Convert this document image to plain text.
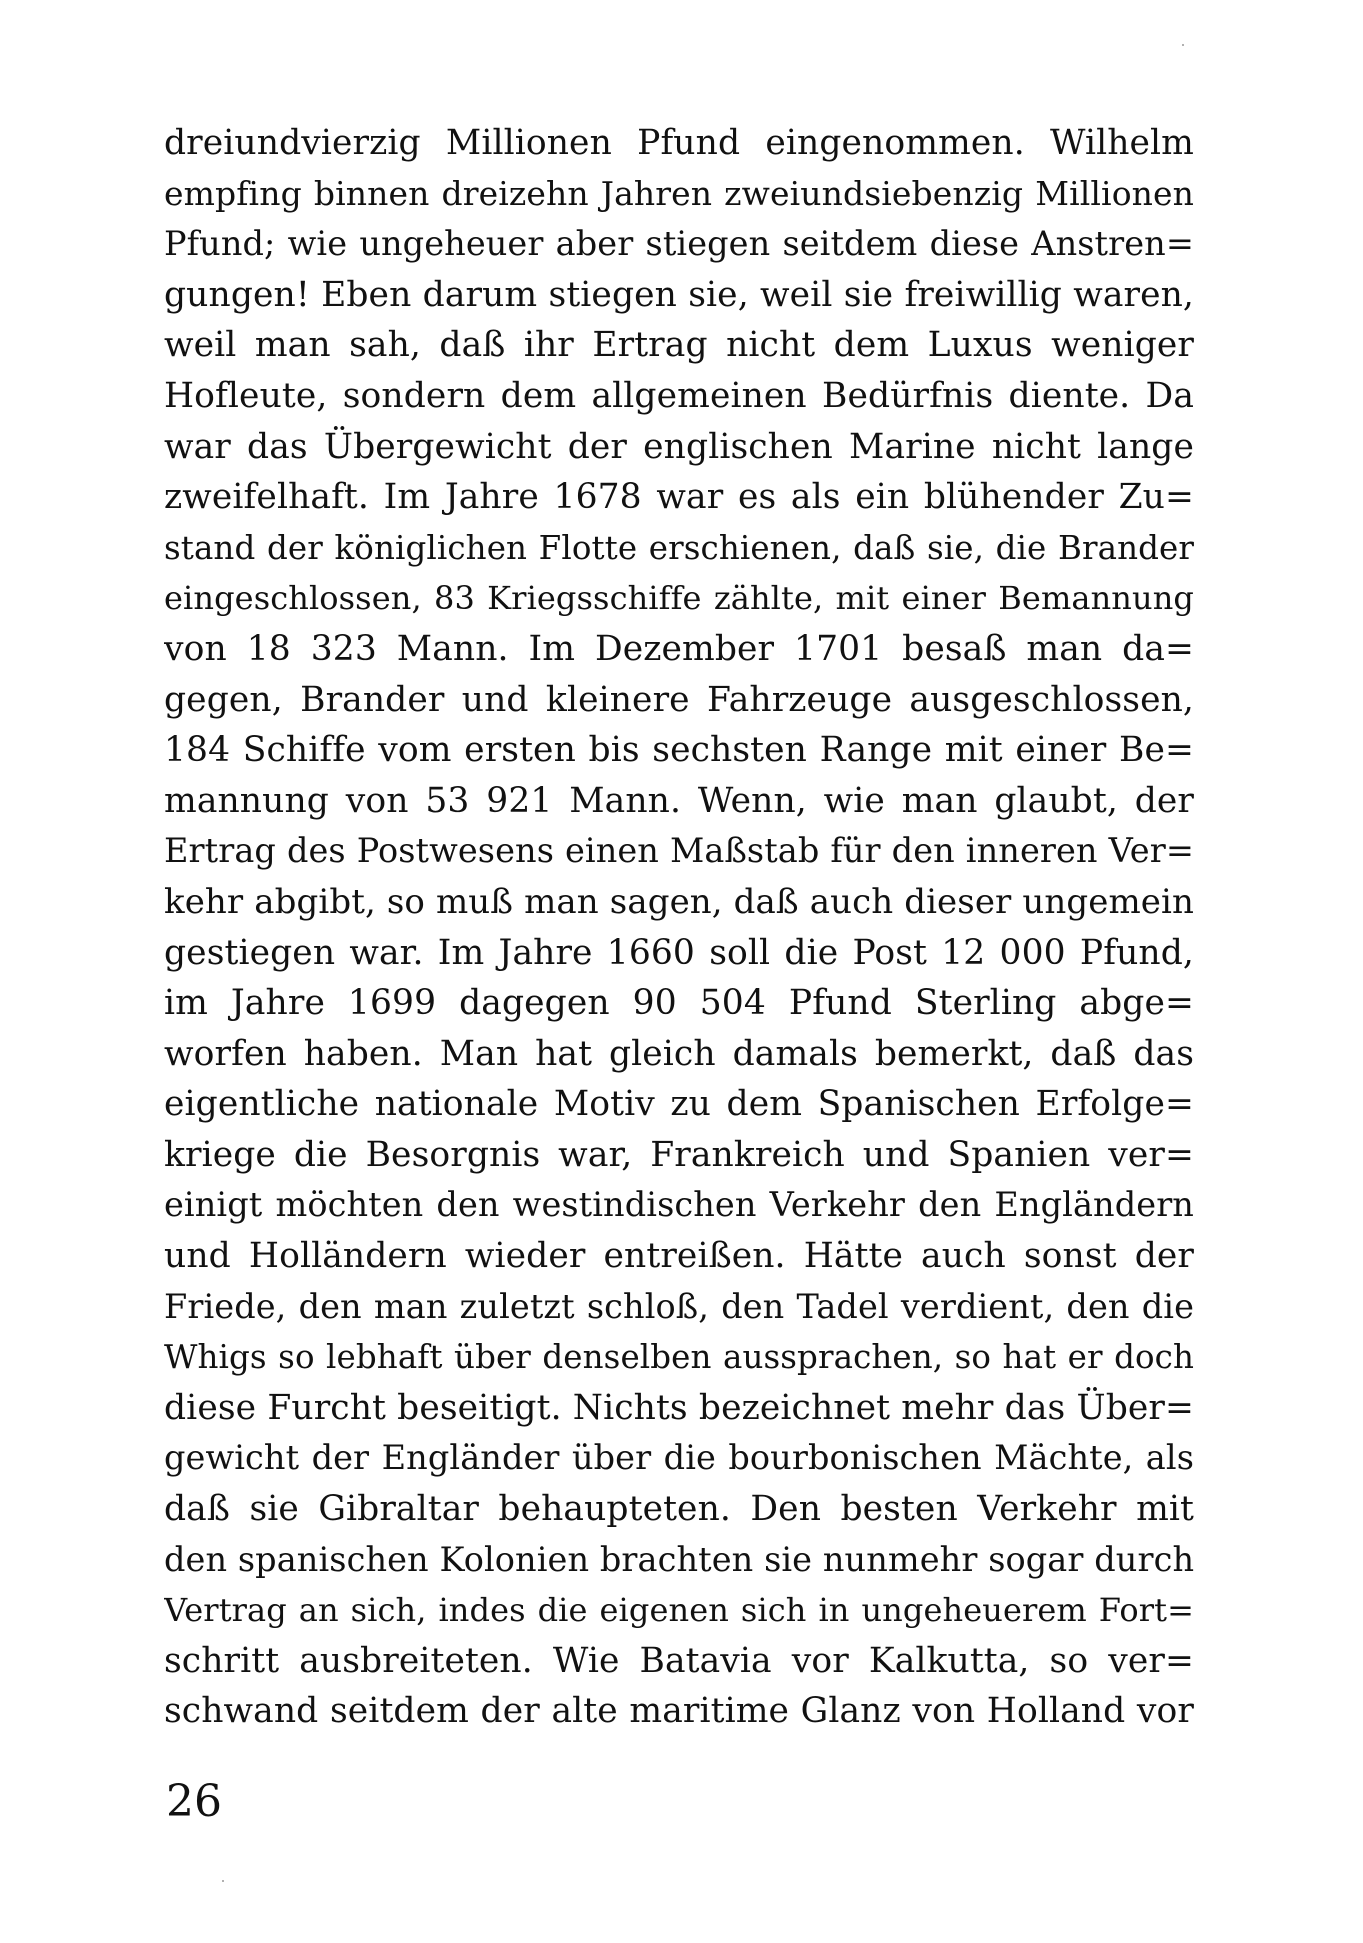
dreiundvierzig Millionen Pfund eingenommen. Wilhelm
empfing binnen dreizehn Jahren zweiundsiebenzig Millionen
Pfund; wie ungeheuer aber stiegen seitdem diese Anstren=
gungen! Eben darum stiegen sie, weil sie freiwillig waren,
weil man sah, daß ihr Ertrag nicht dem Luxus weniger
Hofleute, sondern dem allgemeinen Bedürfnis diente. Da
war das Übergewicht der englischen Marine nicht lange
zweifelhaft. Im Jahre 1678 war es als ein blühender Zu=
stand der königlichen Flotte erschienen, daß sie, die Brander
eingeschlossen, 83 Kriegsschiffe zählte, mit einer Bemannung
von 18 323 Mann. Im Dezember 1701 besaß man da=
gegen, Brander und kleinere Fahrzeuge ausgeschlossen,
184 Schiffe vom ersten bis sechsten Range mit einer Be=
mannung von 53 921 Mann. Wenn, wie man glaubt, der
Ertrag des Postwesens einen Maßstab für den inneren Ver=
kehr abgibt, so muß man sagen, daß auch dieser ungemein
gestiegen war. Im Jahre 1660 soll die Post 12 000 Pfund,
im Jahre 1699 dagegen 90 504 Pfund Sterling abge=
worfen haben. Man hat gleich damals bemerkt, daß das
eigentliche nationale Motiv zu dem Spanischen Erfolge=
kriege die Besorgnis war, Frankreich und Spanien ver=
einigt möchten den westindischen Verkehr den Engländern
und Holländern wieder entreißen. Hätte auch sonst der
Friede, den man zuletzt schloß, den Tadel verdient, den die
Whigs so lebhaft über denselben aussprachen, so hat er doch
diese Furcht beseitigt. Nichts bezeichnet mehr das Über=
gewicht der Engländer über die bourbonischen Mächte, als
daß sie Gibraltar behaupteten. Den besten Verkehr mit
den spanischen Kolonien brachten sie nunmehr sogar durch
Vertrag an sich, indes die eigenen sich in ungeheuerem Fort=
schritt ausbreiteten. Wie Batavia vor Kalkutta, so ver=
schwand seitdem der alte maritime Glanz von Holland vor
26
